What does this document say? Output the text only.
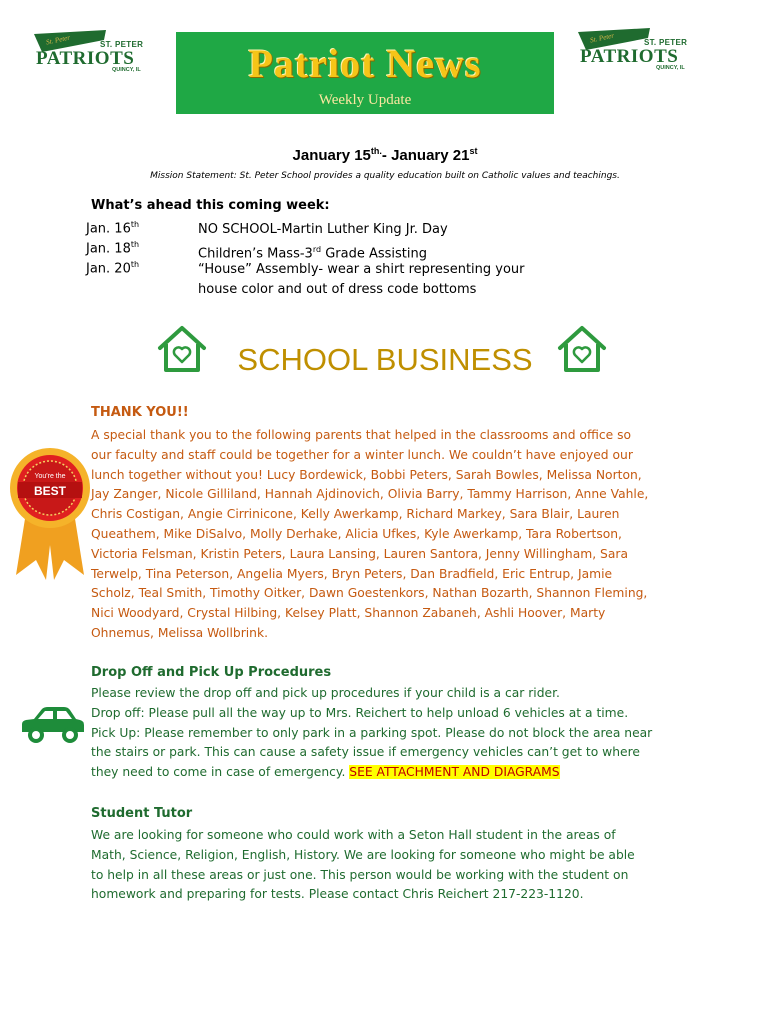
St. Peter	ST. PETER
PATRIOTS
QUINCY, IL
St. Peter	ST. PETER
PATRIOTS
QUINCY, IL
Patriot News
Weekly Update
January $15^{th.}-$ January 21st
Mission Statement: St. Peter School provides a quality education built on Catholic values and teachings.
What’s ahead this coming week:
Jan. 16th	NO SCHOOL-Martin Luther King Jr. Day
Jan. 18th
Children’s Mass-3rd Grade Assisting
Jan. 20th	“House” Assembly- wear a shirt representing your house color and out of dress code bottoms
SCHOOL BUSINESS
You're the
BEST
THANK YOU!!
A special thank you to the following parents that helped in the classrooms and office so
our faculty and staff could be together for a winter lunch. We couldn’t have enjoyed our
lunch together without you! Lucy Bordewick, Bobbi Peters, Sarah Bowles, Melissa Norton,
Jay Zanger, Nicole Gilliland, Hannah Ajdinovich, Olivia Barry, Tammy Harrison, Anne Vahle,
Chris Costigan, Angie Cirrinicone, Kelly Awerkamp, Richard Markey, Sara Blair, Lauren
Queathem, Mike DiSalvo, Molly Derhake, Alicia Ufkes, Kyle Awerkamp, Tara Robertson,
Victoria Felsman, Kristin Peters, Laura Lansing, Lauren Santora, Jenny Willingham, Sara
Terwelp, Tina Peterson, Angelia Myers, Bryn Peters, Dan Bradfield, Eric Entrup, Jamie
Scholz, Teal Smith, Timothy Oitker, Dawn Goestenkors, Nathan Bozarth, Shannon Fleming,
Nici Woodyard, Crystal Hilbing, Kelsey Platt, Shannon Zabaneh, Ashli Hoover, Marty
Ohnemus, Melissa Wollbrink.
Drop Off and Pick Up Procedures
Please review the drop off and pick up procedures if your child is a car rider.
Drop off: Please pull all the way up to Mrs. Reichert to help unload 6 vehicles at a time.
Pick Up: Please remember to only park in a parking spot. Please do not block the area near
the stairs or park. This can cause a safety issue if emergency vehicles can’t get to where
they need to come in case of emergency. SEE ATTACHMENT AND DIAGRAMS
Student Tutor
We are looking for someone who could work with a Seton Hall student in the areas of
Math, Science, Religion, English, History. We are looking for someone who might be able
to help in all these areas or just one. This person would be working with the student on
homework and preparing for tests. Please contact Chris Reichert 217-223-1120.
